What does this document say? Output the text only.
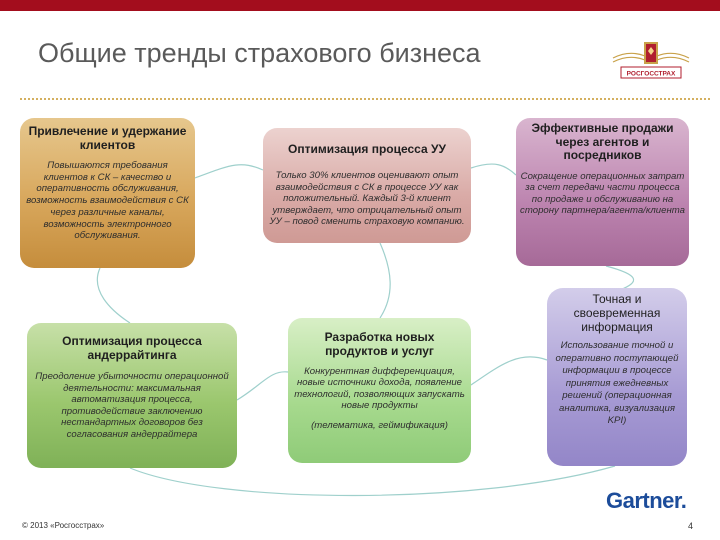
Общие тренды страхового бизнеса
РОСГОССТРАХ
Привлечение и удержание клиентов
Повышаются требования клиентов к СК – качество и оперативность обслуживания, возможность взаимодействия с СК через различные каналы, возможность электронного обслуживания.
Оптимизация процесса УУ
Только 30% клиентов оценивают опыт взаимодействия с СК в процессе УУ как положительный. Каждый 3-й клиент утверждает, что отрицательный опыт УУ – повод сменить страховую компанию.
Эффективные продажи через агентов и посредников
Сокращение операционных затрат за счет передачи части процесса по продаже и обслуживанию на сторону партнера/агента/клиента
Оптимизация процесса андеррайтинга
Преодоление убыточности операционной деятельности: максимальная автоматизация процесса, противодействие заключению нестандартных договоров без согласования андеррайтера
Разработка новых продуктов и услуг
Конкурентная дифференциация, новые источники дохода, появление технологий, позволяющих запускать новые продукты
(телематика, геймификация)
Точная и своевременная информация
Использование точной и оперативно поступающей информации в процессе принятия ежедневных решений (операционная аналитика, визуализация KPI)
© 2013 «Росгосстрах»
Gartner.
4
